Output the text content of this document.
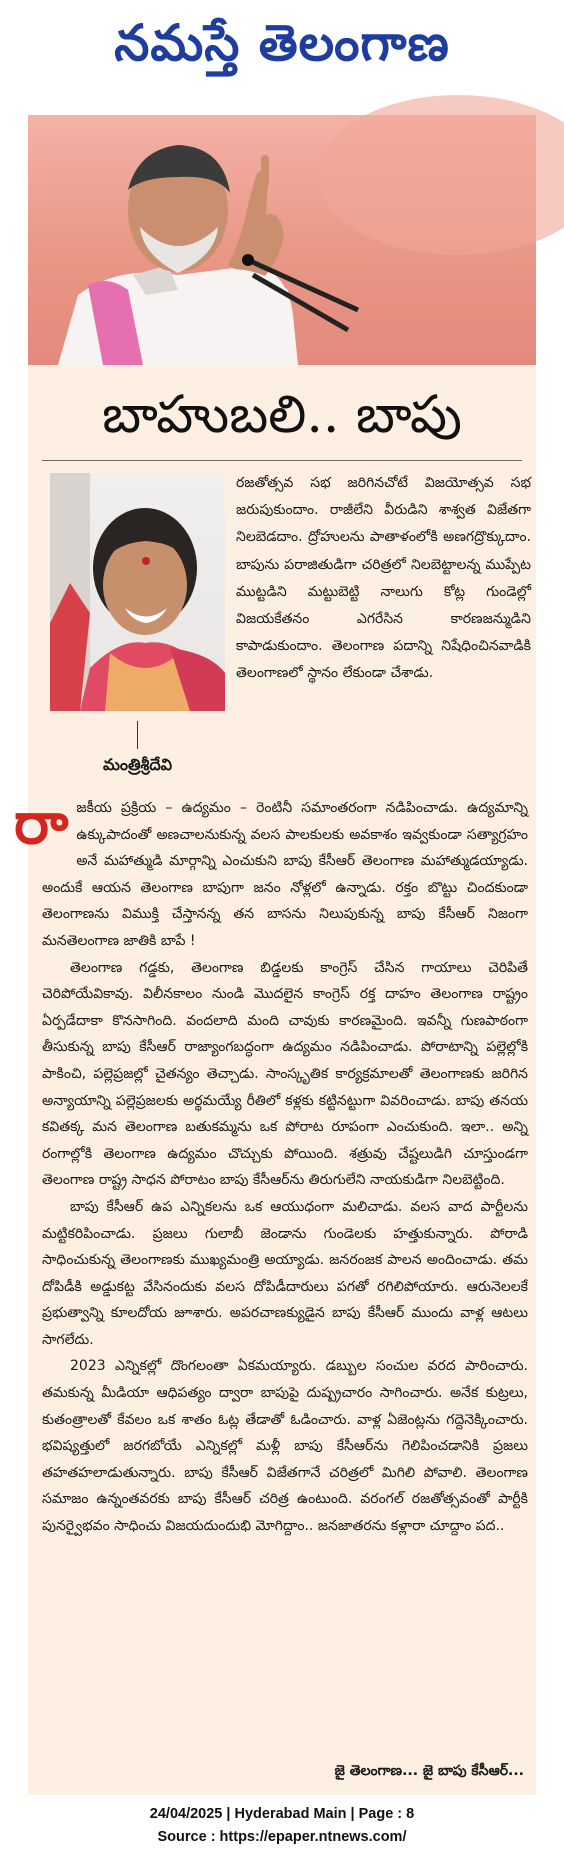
నమస్తే తెలంగాణ
బాహుబలి.. బాపు
మంత్రిశ్రీదేవి
రజతోత్సవ సభ జరిగినచోటే విజయోత్సవ సభ జరుపుకుందాం. రాజీలేని వీరుడిని శాశ్వత విజేతగా నిలబెడదాం. ద్రోహులను పాతాళంలోకి అణగద్రొక్కుదాం. బాపును పరాజితుడిగా చరిత్రలో నిలబెట్టాలన్న ముప్పేట ముట్టడిని మట్టుబెట్టి నాలుగు కోట్ల గుండెల్లో విజయకేతనం ఎగరేసిన కారణజన్ముడిని కాపాడుకుందాం. తెలంగాణ పదాన్ని నిషేధించినవాడికి తెలంగాణలో స్థానం లేకుండా చేశాడు.

రాజకీయ ప్రక్రియ – ఉద్యమం – రెంటినీ సమాంతరంగా నడిపించాడు. ఉద్యమాన్ని ఉక్కుపాదంతో అణచాలనుకున్న వలస పాలకులకు అవకాశం ఇవ్వకుండా సత్యాగ్రహం అనే మహాత్ముడి మార్గాన్ని ఎంచుకుని బాపు కేసీఆర్ తెలంగాణ మహాత్ముడయ్యాడు. అందుకే ఆయన తెలంగాణ బాపుగా జనం నోళ్లలో ఉన్నాడు. రక్తం బొట్టు చిందకుండా తెలంగాణను విముక్తి చేస్తానన్న తన బాసను నిలుపుకున్న బాపు కేసీఆర్ నిజంగా మనతెలంగాణ జాతికి బాపే !

తెలంగాణ గడ్డకు, తెలంగాణ బిడ్డలకు కాంగ్రెస్ చేసిన గాయాలు చెరిపితే చెరిపోయేవికావు. విలీనకాలం నుండి మొదలైన కాంగ్రెస్ రక్త దాహం తెలంగాణ రాష్ట్రం ఏర్పడేదాకా కొనసాగింది. వందలాది మంది చావుకు కారణమైంది. ఇవన్నీ గుణపాఠంగా తీసుకున్న బాపు కేసీఆర్ రాజ్యాంగబద్ధంగా ఉద్యమం నడిపించాడు. పోరాటాన్ని పల్లెల్లోకి పాకించి, పల్లెప్రజల్లో చైతన్యం తెచ్చాడు. సాంస్కృతిక కార్యక్రమాలతో తెలంగాణకు జరిగిన అన్యాయాన్ని పల్లెప్రజలకు అర్థమయ్యే రీతిలో కళ్లకు కట్టినట్టుగా వివరించాడు. బాపు తనయ కవితక్క మన తెలంగాణ బతుకమ్మను ఒక పోరాట రూపంగా ఎంచుకుంది. ఇలా.. అన్ని రంగాల్లోకి తెలంగాణ ఉద్యమం చొచ్చుకు పోయింది. శత్రువు చేష్టలుడిగి చూస్తుండగా తెలంగాణ రాష్ట్ర సాధన పోరాటం బాపు కేసీఆర్‌ను తిరుగులేని నాయకుడిగా నిలబెట్టింది.

బాపు కేసీఆర్ ఉప ఎన్నికలను ఒక ఆయుధంగా మలిచాడు. వలస వాద పార్టీలను మట్టికరిపించాడు. ప్రజలు గులాబీ జెండాను గుండెలకు హత్తుకున్నారు. పోరాడి సాధించుకున్న తెలంగాణకు ముఖ్యమంత్రి అయ్యాడు. జనరంజక పాలన అందించాడు. తమ దోపిడీకి అడ్డుకట్ట వేసినందుకు వలస దోపిడీదారులు పగతో రగిలిపోయారు. ఆరునెలలకే ప్రభుత్వాన్ని కూలదోయ జూశారు. అపరచాణక్యుడైన బాపు కేసీఆర్ ముందు వాళ్ల ఆటలు సాగలేదు.

2023 ఎన్నికల్లో దొంగలంతా ఏకమయ్యారు. డబ్బుల సంచుల వరద పారించారు. తమకున్న మీడియా ఆధిపత్యం ద్వారా బాపుపై దుష్ప్రచారం సాగించారు. అనేక కుట్రలు, కుతంత్రాలతో కేవలం ఒక శాతం ఓట్ల తేడాతో ఓడించారు. వాళ్ల ఏజెంట్లను గద్దెనెక్కించారు. భవిష్యత్తులో జరగబోయే ఎన్నికల్లో మళ్లీ బాపు కేసీఆర్‌ను గెలిపించడానికి ప్రజలు తహతహలాడుతున్నారు. బాపు కేసీఆర్ విజేతగానే చరిత్రలో మిగిలి పోవాలి. తెలంగాణ సమాజం ఉన్నంతవరకు బాపు కేసీఆర్ చరిత్ర ఉంటుంది. వరంగల్ రజతోత్సవంతో పార్టీకి పునర్వైభవం సాధించు విజయదుందుభి మోగిద్దాం.. జనజాతరను కళ్లారా చూద్దాం పద..

జై తెలంగాణ... జై బాపు కేసీఆర్...
24/04/2025 | Hyderabad Main | Page : 8
Source : https://epaper.ntnews.com/
